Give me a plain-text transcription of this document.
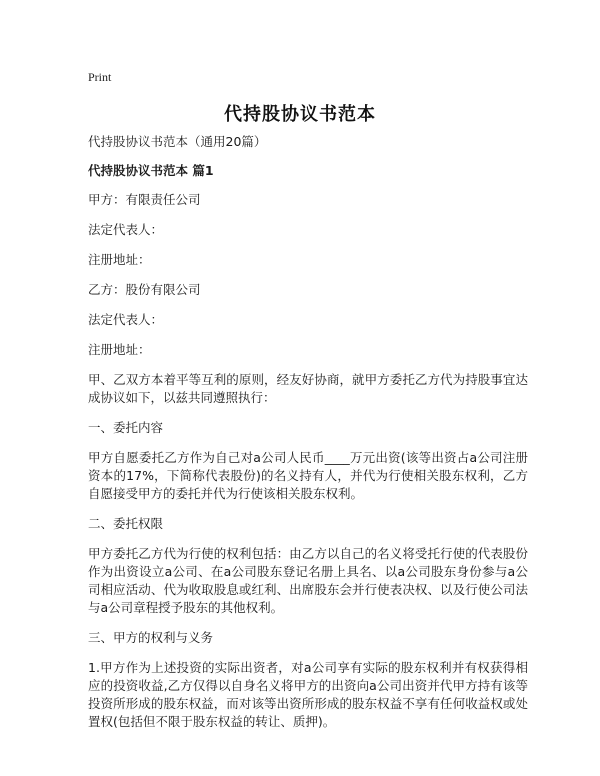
Print
代持股协议书范本

代持股协议书范本（通用20篇）

代持股协议书范本 篇1

甲方：有限责任公司

法定代表人：

注册地址：

乙方：股份有限公司

法定代表人：

注册地址：

甲、乙双方本着平等互利的原则，经友好协商，就甲方委托乙方代为持股事宜达成协议如下，以兹共同遵照执行：

一、委托内容

甲方自愿委托乙方作为自己对a公司人民币____万元出资(该等出资占a公司注册资本的17%，下简称代表股份)的名义持有人，并代为行使相关股东权利，乙方自愿接受甲方的委托并代为行使该相关股东权利。

二、委托权限

甲方委托乙方代为行使的权利包括：由乙方以自己的名义将受托行使的代表股份作为出资设立a公司、在a公司股东登记名册上具名、以a公司股东身份参与a公司相应活动、代为收取股息或红利、出席股东会并行使表决权、以及行使公司法与a公司章程授予股东的其他权利。

三、甲方的权利与义务

1.甲方作为上述投资的实际出资者，对a公司享有实际的股东权利并有权获得相应的投资收益,乙方仅得以自身名义将甲方的出资向a公司出资并代甲方持有该等投资所形成的股东权益，而对该等出资所形成的股东权益不享有任何收益权或处置权(包括但不限于股东权益的转让、质押)。
